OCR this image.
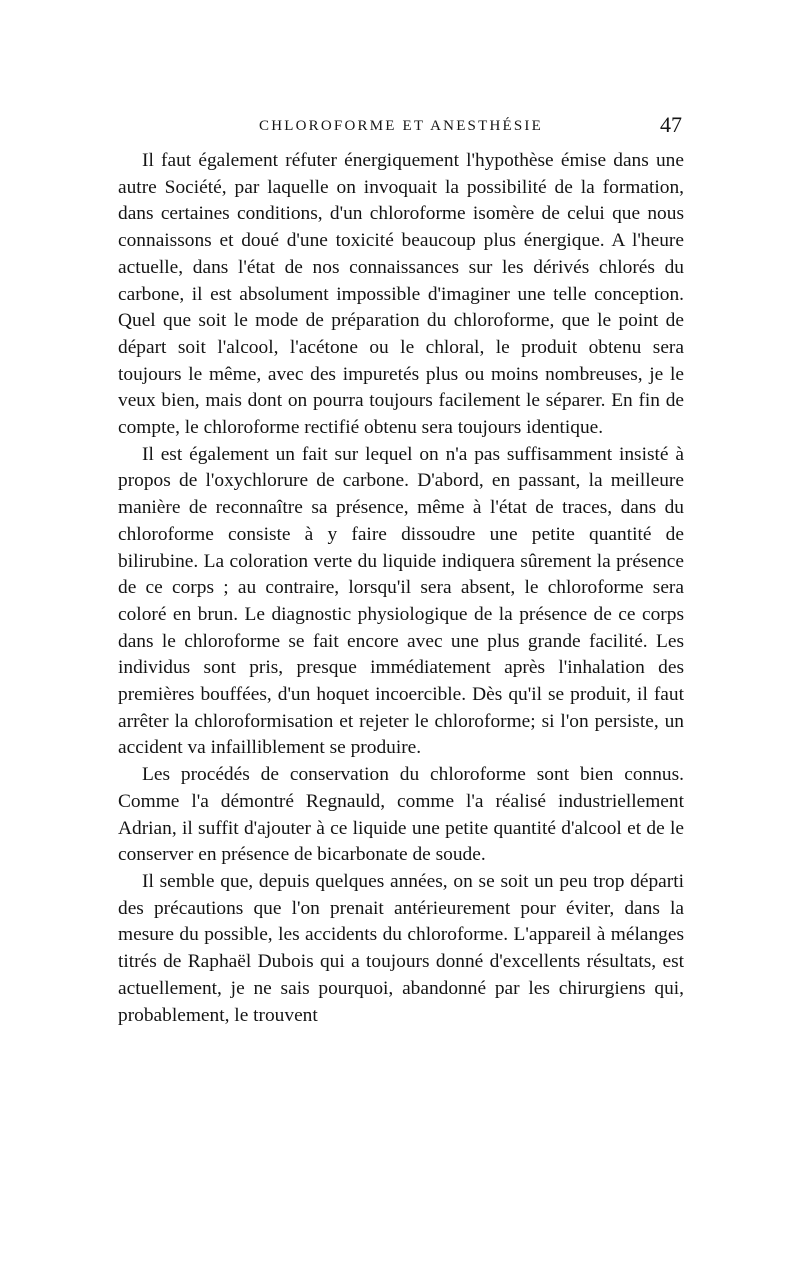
CHLOROFORME ET ANESTHÉSIE	47

Il faut également réfuter énergiquement l'hypothèse émise dans une autre Société, par laquelle on invoquait la possibilité de la formation, dans certaines conditions, d'un chloroforme isomère de celui que nous connaissons et doué d'une toxicité beaucoup plus énergique. A l'heure actuelle, dans l'état de nos connaissances sur les dérivés chlorés du carbone, il est absolument impossible d'imaginer une telle conception. Quel que soit le mode de préparation du chloroforme, que le point de départ soit l'alcool, l'acétone ou le chloral, le produit obtenu sera toujours le même, avec des impuretés plus ou moins nombreuses, je le veux bien, mais dont on pourra toujours facilement le séparer. En fin de compte, le chloroforme rectifié obtenu sera toujours identique.

Il est également un fait sur lequel on n'a pas suffisamment insisté à propos de l'oxychlorure de carbone. D'abord, en passant, la meilleure manière de reconnaître sa présence, même à l'état de traces, dans du chloroforme consiste à y faire dissoudre une petite quantité de bilirubine. La coloration verte du liquide indiquera sûrement la présence de ce corps ; au contraire, lorsqu'il sera absent, le chloroforme sera coloré en brun. Le diagnostic physiologique de la présence de ce corps dans le chloroforme se fait encore avec une plus grande facilité. Les individus sont pris, presque immédiatement après l'inhalation des premières bouffées, d'un hoquet incoercible. Dès qu'il se produit, il faut arrêter la chloroformisation et rejeter le chloroforme; si l'on persiste, un accident va infailliblement se produire.

Les procédés de conservation du chloroforme sont bien connus. Comme l'a démontré Regnauld, comme l'a réalisé industriellement Adrian, il suffit d'ajouter à ce liquide une petite quantité d'alcool et de le conserver en présence de bicarbonate de soude.

Il semble que, depuis quelques années, on se soit un peu trop départi des précautions que l'on prenait antérieurement pour éviter, dans la mesure du possible, les accidents du chloroforme. L'appareil à mélanges titrés de Raphaël Dubois qui a toujours donné d'excellents résultats, est actuellement, je ne sais pourquoi, abandonné par les chirurgiens qui, probablement, le trouvent
